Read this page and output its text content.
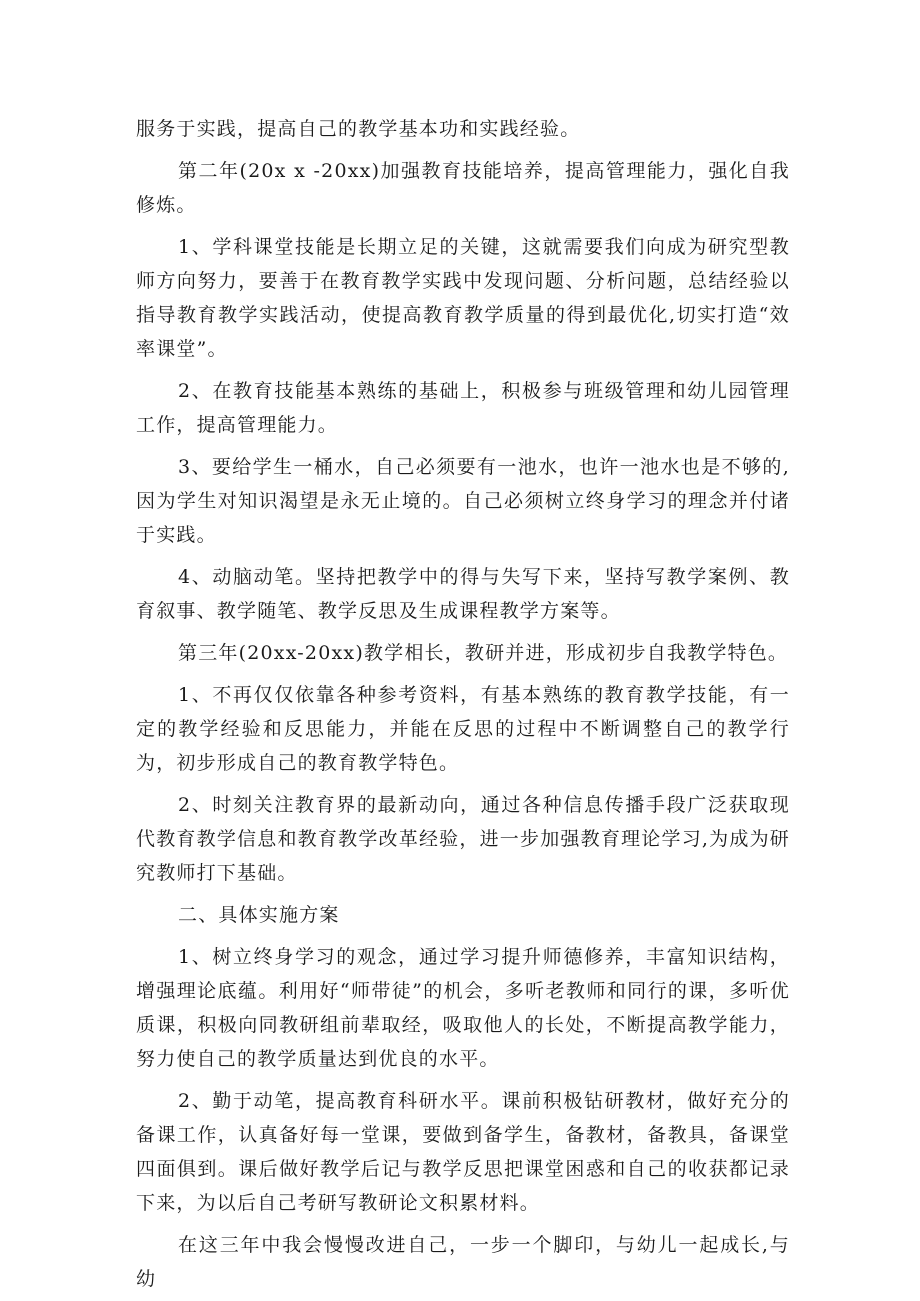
服务于实践，提高自己的教学基本功和实践经验。

第二年(20x x -20xx)加强教育技能培养，提高管理能力，强化自我修炼。

1、学科课堂技能是长期立足的关键，这就需要我们向成为研究型教师方向努力，要善于在教育教学实践中发现问题、分析问题，总结经验以指导教育教学实践活动，使提高教育教学质量的得到最优化,切实打造“效率课堂”。

2、在教育技能基本熟练的基础上，积极参与班级管理和幼儿园管理工作，提高管理能力。

3、要给学生一桶水，自己必须要有一池水，也许一池水也是不够的,因为学生对知识渴望是永无止境的。自己必须树立终身学习的理念并付诸于实践。

4、动脑动笔。坚持把教学中的得与失写下来，坚持写教学案例、教育叙事、教学随笔、教学反思及生成课程教学方案等。

第三年(20xx-20xx)教学相长，教研并进，形成初步自我教学特色。

1、不再仅仅依靠各种参考资料，有基本熟练的教育教学技能，有一定的教学经验和反思能力，并能在反思的过程中不断调整自己的教学行为，初步形成自己的教育教学特色。

2、时刻关注教育界的最新动向，通过各种信息传播手段广泛获取现代教育教学信息和教育教学改革经验，进一步加强教育理论学习,为成为研究教师打下基础。

二、具体实施方案

1、树立终身学习的观念，通过学习提升师德修养，丰富知识结构，增强理论底蕴。利用好“师带徒”的机会，多听老教师和同行的课，多听优质课，积极向同教研组前辈取经，吸取他人的长处，不断提高教学能力，努力使自己的教学质量达到优良的水平。

2、勤于动笔，提高教育科研水平。课前积极钻研教材，做好充分的备课工作，认真备好每一堂课，要做到备学生，备教材，备教具，备课堂四面俱到。课后做好教学后记与教学反思把课堂困惑和自己的收获都记录下来，为以后自己考研写教研论文积累材料。

在这三年中我会慢慢改进自己，一步一个脚印，与幼儿一起成长,与幼
